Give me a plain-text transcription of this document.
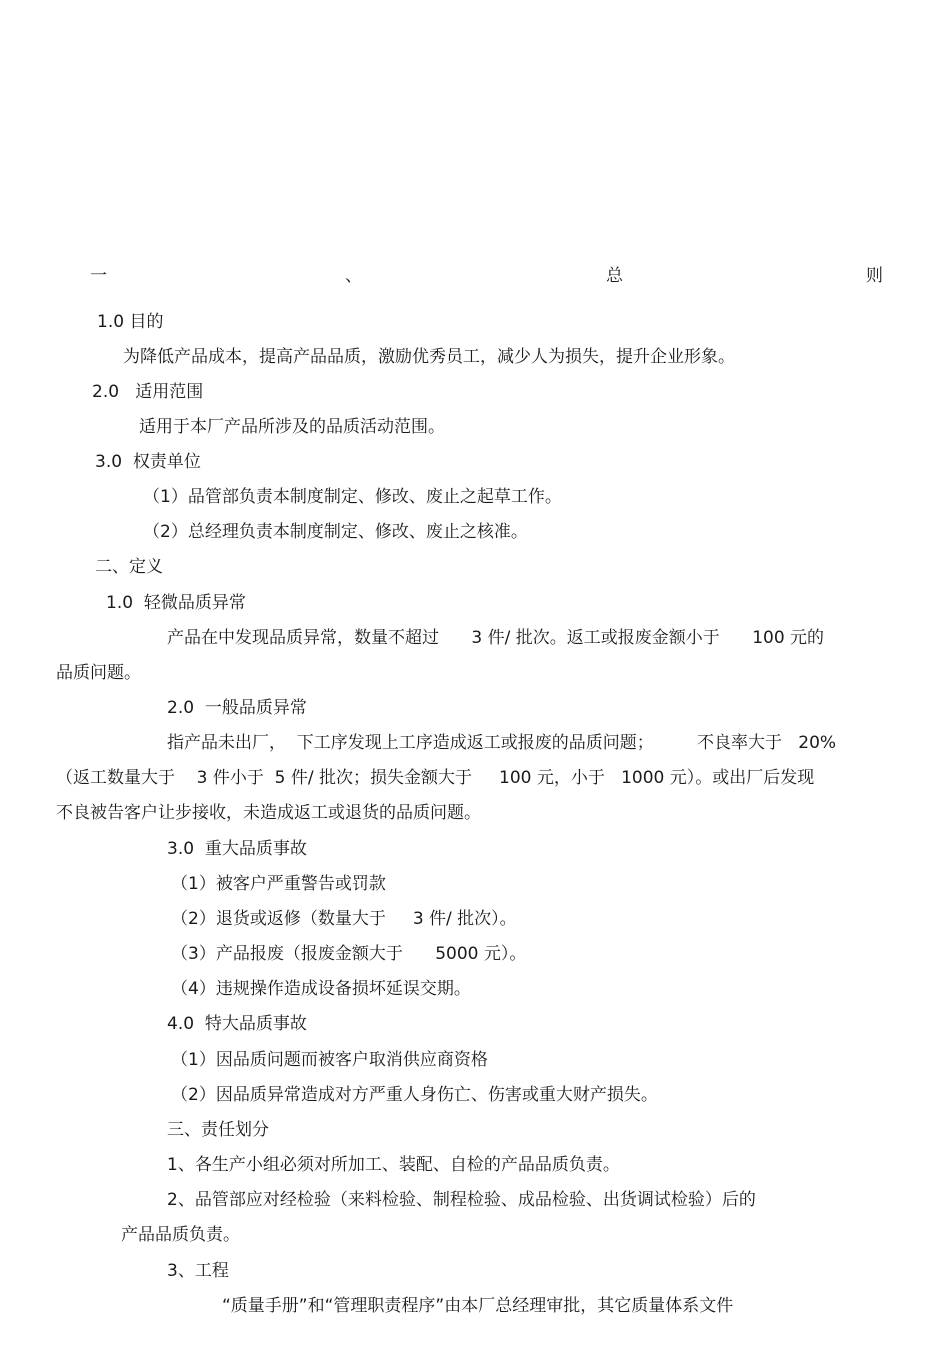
一	、	总	则
1.0 目的
为降低产品成本，提高产品品质，激励优秀员工，减少人为损失，提升企业形象。
2.0   适用范围
适用于本厂产品所涉及的品质活动范围。
3.0  权责单位
（1）品管部负责本制度制定、修改、废止之起草工作。
（2）总经理负责本制度制定、修改、废止之核准。
二、定义
1.0  轻微品质异常
产品在中发现品质异常，数量不超过      3 件/ 批次。返工或报废金额小于      100 元的
品质问题。
2.0  一般品质异常
指产品未出厂，  下工序发现上工序造成返工或报废的品质问题；        不良率大于   20%
（返工数量大于    3 件小于  5 件/ 批次；损失金额大于     100 元，小于   1000 元）。或出厂后发现
不良被告客户让步接收，未造成返工或退货的品质问题。
3.0  重大品质事故
（1）被客户严重警告或罚款
（2）退货或返修（数量大于     3 件/ 批次）。
（3）产品报废（报废金额大于      5000 元）。
（4）违规操作造成设备损坏延误交期。
4.0  特大品质事故
（1）因品质问题而被客户取消供应商资格
（2）因品质异常造成对方严重人身伤亡、伤害或重大财产损失。
三、责任划分
1、各生产小组必须对所加工、装配、自检的产品品质负责。
2、品管部应对经检验（来料检验、制程检验、成品检验、出货调试检验）后的
产品品质负责。
3、工程
“质量手册”和“管理职责程序”由本厂总经理审批，其它质量体系文件
